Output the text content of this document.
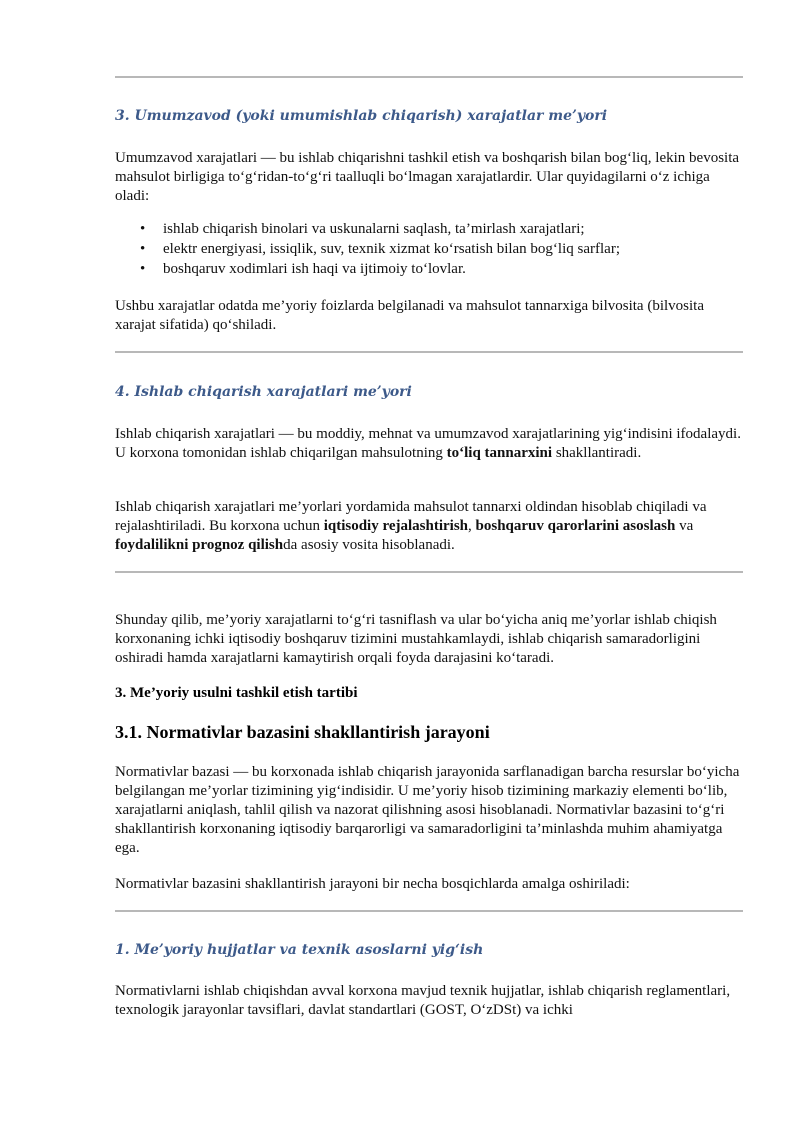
3. Umumzavod (yoki umumishlab chiqarish) xarajatlar me’yori

Umumzavod xarajatlari — bu ishlab chiqarishni tashkil etish va boshqarish bilan bog‘liq, lekin bevosita mahsulot birligiga to‘g‘ridan-to‘g‘ri taalluqli bo‘lmagan xarajatlardir. Ular quyidagilarni o‘z ichiga oladi:

• ishlab chiqarish binolari va uskunalarni saqlash, ta’mirlash xarajatlari;
• elektr energiyasi, issiqlik, suv, texnik xizmat ko‘rsatish bilan bog‘liq sarflar;
• boshqaruv xodimlari ish haqi va ijtimoiy to‘lovlar.

Ushbu xarajatlar odatda me’yoriy foizlarda belgilanadi va mahsulot tannarxiga bilvosita (bilvosita xarajat sifatida) qo‘shiladi.

4. Ishlab chiqarish xarajatlari me’yori

Ishlab chiqarish xarajatlari — bu moddiy, mehnat va umumzavod xarajatlarining yig‘indisini ifodalaydi. U korxona tomonidan ishlab chiqarilgan mahsulotning to‘liq tannarxini shakllantiradi.

Ishlab chiqarish xarajatlari me’yorlari yordamida mahsulot tannarxi oldindan hisoblab chiqiladi va rejalashtiriladi. Bu korxona uchun iqtisodiy rejalashtirish, boshqaruv qarorlarini asoslash va foydalilikni prognoz qilishda asosiy vosita hisoblanadi.

Shunday qilib, me’yoriy xarajatlarni to‘g‘ri tasniflash va ular bo‘yicha aniq me’yorlar ishlab chiqish korxonaning ichki iqtisodiy boshqaruv tizimini mustahkamlaydi, ishlab chiqarish samaradorligini oshiradi hamda xarajatlarni kamaytirish orqali foyda darajasini ko‘taradi.

3. Me’yoriy usulni tashkil etish tartibi
3.1. Normativlar bazasini shakllantirish jarayoni

Normativlar bazasi — bu korxonada ishlab chiqarish jarayonida sarflanadigan barcha resurslar bo‘yicha belgilangan me’yorlar tizimining yig‘indisidir. U me’yoriy hisob tizimining markaziy elementi bo‘lib, xarajatlarni aniqlash, tahlil qilish va nazorat qilishning asosi hisoblanadi. Normativlar bazasini to‘g‘ri shakllantirish korxonaning iqtisodiy barqarorligi va samaradorligini ta’minlashda muhim ahamiyatga ega.

Normativlar bazasini shakllantirish jarayoni bir necha bosqichlarda amalga oshiriladi:

1. Me’yoriy hujjatlar va texnik asoslarni yig‘ish

Normativlarni ishlab chiqishdan avval korxona mavjud texnik hujjatlar, ishlab chiqarish reglamentlari, texnologik jarayonlar tavsiflari, davlat standartlari (GOST, O‘zDSt) va ichki
